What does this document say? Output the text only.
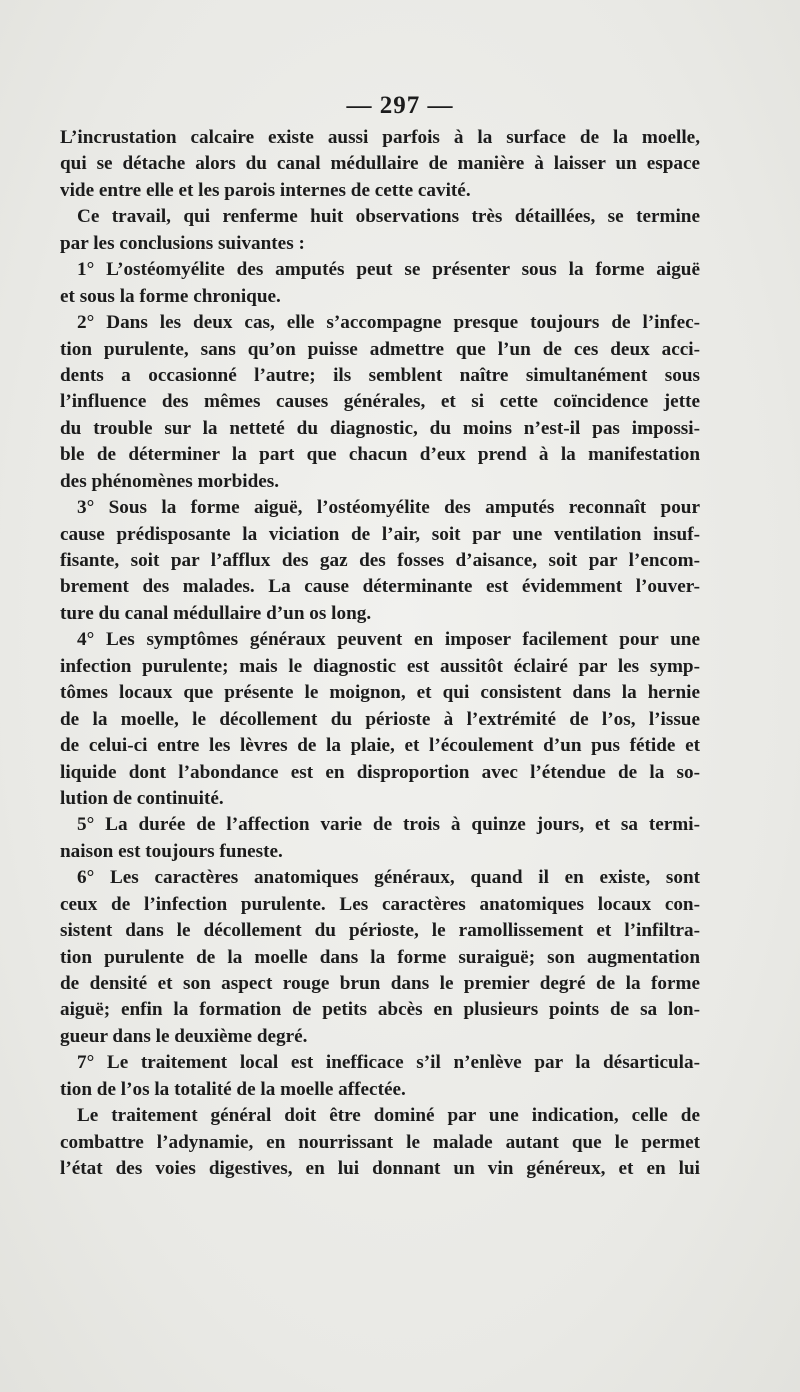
— 297 —
L’incrustation calcaire existe aussi parfois à la surface de la moelle,
qui se détache alors du canal médullaire de manière à laisser un espace
vide entre elle et les parois internes de cette cavité.
Ce travail, qui renferme huit observations très détaillées, se termine
par les conclusions suivantes :
1° L’ostéomyélite des amputés peut se présenter sous la forme aiguë
et sous la forme chronique.
2° Dans les deux cas, elle s’accompagne presque toujours de l’infec-
tion purulente, sans qu’on puisse admettre que l’un de ces deux acci-
dents a occasionné l’autre; ils semblent naître simultanément sous
l’influence des mêmes causes générales, et si cette coïncidence jette
du trouble sur la netteté du diagnostic, du moins n’est-il pas impossi-
ble de déterminer la part que chacun d’eux prend à la manifestation
des phénomènes morbides.
3° Sous la forme aiguë, l’ostéomyélite des amputés reconnaît pour
cause prédisposante la viciation de l’air, soit par une ventilation insuf-
fisante, soit par l’afflux des gaz des fosses d’aisance, soit par l’encom-
brement des malades. La cause déterminante est évidemment l’ouver-
ture du canal médullaire d’un os long.
4° Les symptômes généraux peuvent en imposer facilement pour une
infection purulente; mais le diagnostic est aussitôt éclairé par les symp-
tômes locaux que présente le moignon, et qui consistent dans la hernie
de la moelle, le décollement du périoste à l’extrémité de l’os, l’issue
de celui-ci entre les lèvres de la plaie, et l’écoulement d’un pus fétide et
liquide dont l’abondance est en disproportion avec l’étendue de la so-
lution de continuité.
5° La durée de l’affection varie de trois à quinze jours, et sa termi-
naison est toujours funeste.
6° Les caractères anatomiques généraux, quand il en existe, sont
ceux de l’infection purulente. Les caractères anatomiques locaux con-
sistent dans le décollement du périoste, le ramollissement et l’infiltra-
tion purulente de la moelle dans la forme suraiguë; son augmentation
de densité et son aspect rouge brun dans le premier degré de la forme
aiguë; enfin la formation de petits abcès en plusieurs points de sa lon-
gueur dans le deuxième degré.
7° Le traitement local est inefficace s’il n’enlève par la désarticula-
tion de l’os la totalité de la moelle affectée.
Le traitement général doit être dominé par une indication, celle de
combattre l’adynamie, en nourrissant le malade autant que le permet
l’état des voies digestives, en lui donnant un vin généreux, et en lui
